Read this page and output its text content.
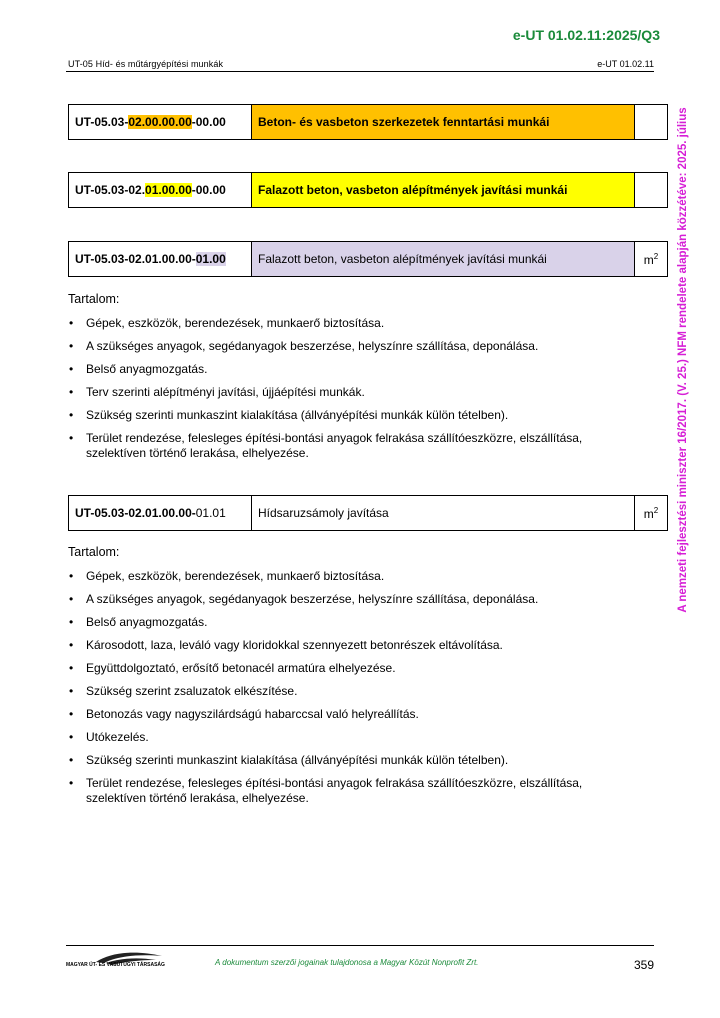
e-UT 01.02.11:2025/Q3
UT-05 Híd- és műtárgyépítési munkák	e-UT 01.02.11
A nemzeti fejlesztési miniszter 16/2017. (V. 25.) NFM rendelete alapján közzétéve: 2025. július
UT-05.03-02.00.00.00-00.00	Beton- és vasbeton szerkezetek fenntartási munkái	
UT-05.03-02.01.00.00-00.00	Falazott beton, vasbeton alépítmények javítási munkái	
UT-05.03-02.01.00.00-01.00	Falazott beton, vasbeton alépítmények javítási munkái	$m^2$
Tartalom:
• Gépek, eszközök, berendezések, munkaerő biztosítása.
• A szükséges anyagok, segédanyagok beszerzése, helyszínre szállítása, deponálása.
• Belső anyagmozgatás.
• Terv szerinti alépítményi javítási, újjáépítési munkák.
• Szükség szerinti munkaszint kialakítása (állványépítési munkák külön tételben).
• Terület rendezése, felesleges építési-bontási anyagok felrakása szállítóeszközre, elszállítása, szelektíven történő lerakása, elhelyezése.
UT-05.03-02.01.00.00-01.01	Hídsaruzsámoly javítása	$m^2$
Tartalom:
• Gépek, eszközök, berendezések, munkaerő biztosítása.
• A szükséges anyagok, segédanyagok beszerzése, helyszínre szállítása, deponálása.
• Belső anyagmozgatás.
• Károsodott, laza, leváló vagy kloridokkal szennyezett betonrészek eltávolítása.
• Együttdolgoztató, erősítő betonacél armatúra elhelyezése.
• Szükség szerint zsaluzatok elkészítése.
• Betonozás vagy nagyszilárdságú habarccsal való helyreállítás.
• Utókezelés.
• Szükség szerinti munkaszint kialakítása (állványépítési munkák külön tételben).
• Terület rendezése, felesleges építési-bontási anyagok felrakása szállítóeszközre, elszállítása, szelektíven történő lerakása, elhelyezése.
MAGYAR ÚT- ÉS VASÚTÜGYI TÁRSASÁG	A dokumentum szerzői jogainak tulajdonosa a Magyar Közút Nonprofit Zrt.	359
